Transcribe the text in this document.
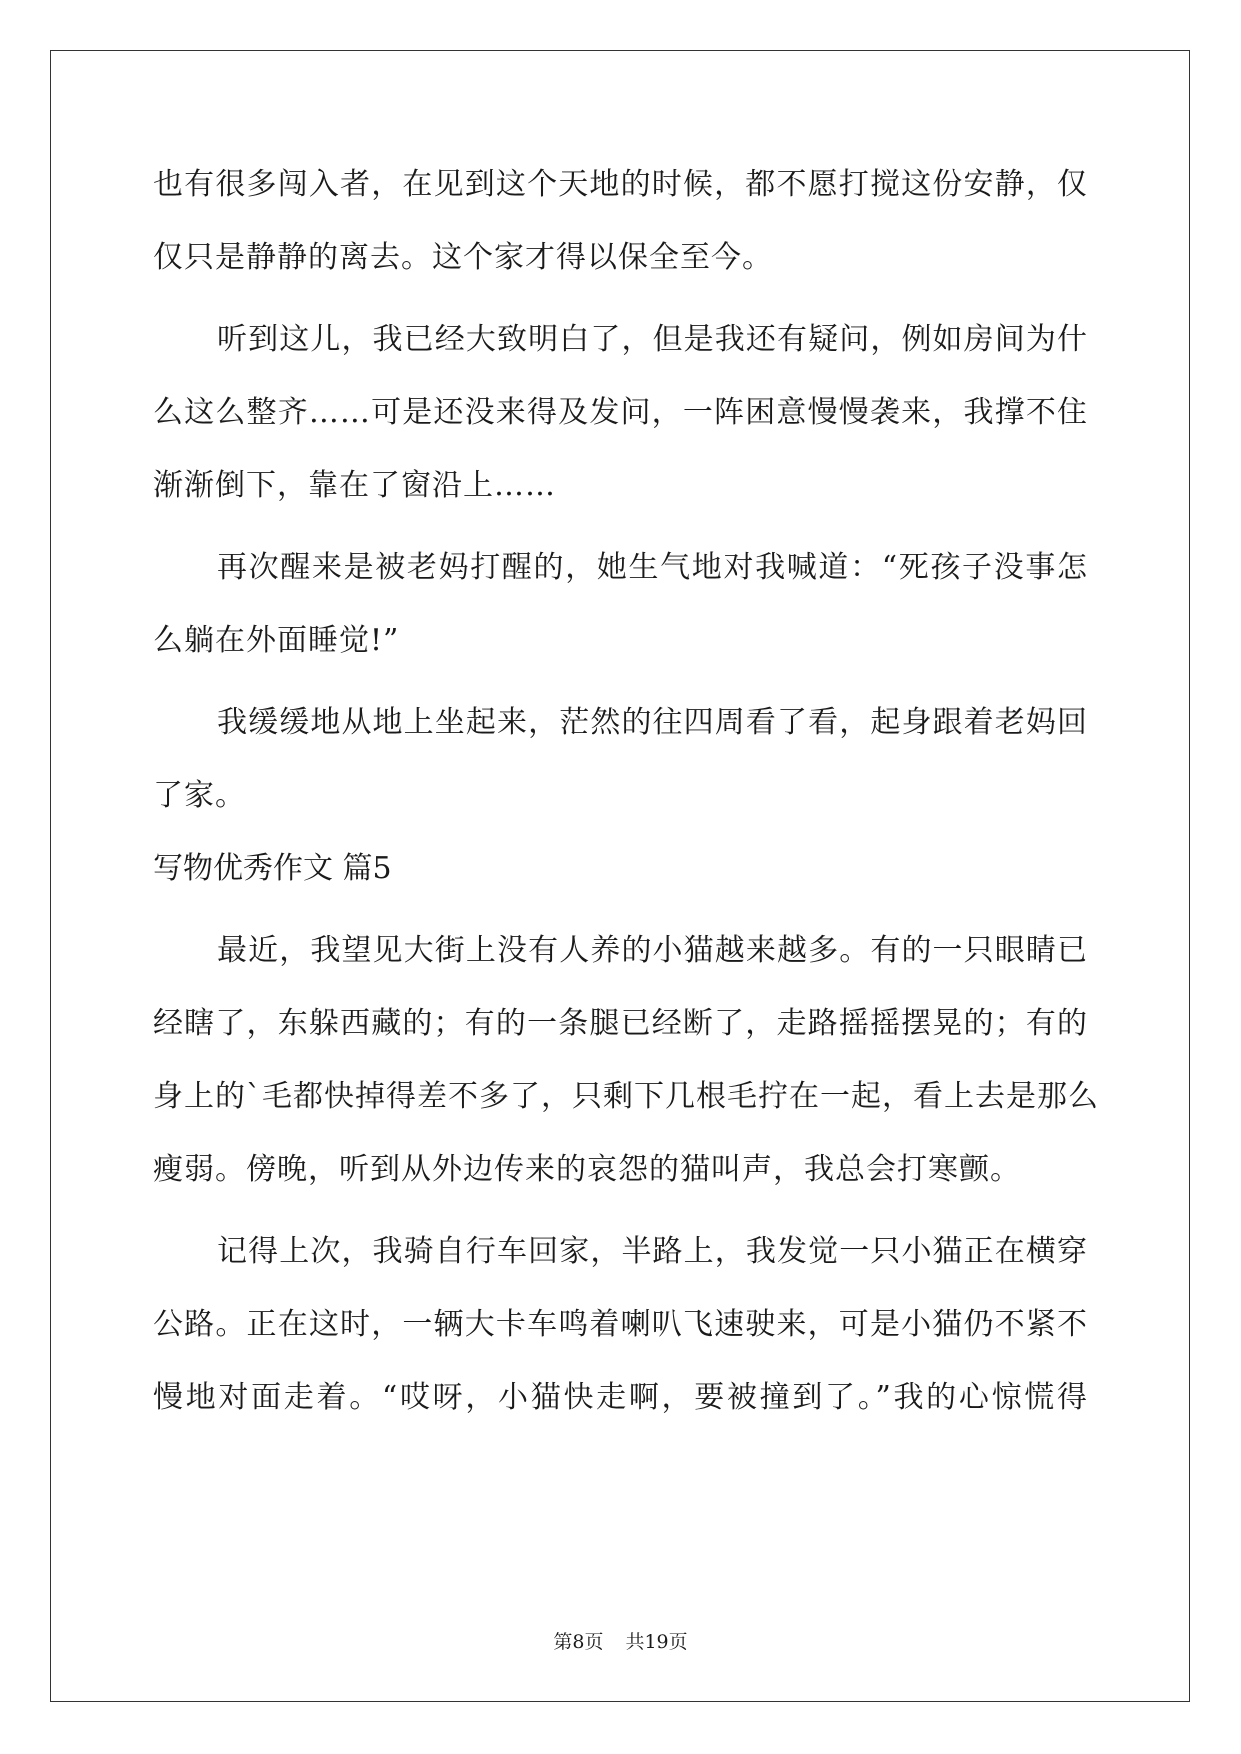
也有很多闯入者，在见到这个天地的时候，都不愿打搅这份安静，仅
仅只是静静的离去。这个家才得以保全至今。
听到这儿，我已经大致明白了，但是我还有疑问，例如房间为什
么这么整齐……可是还没来得及发问，一阵困意慢慢袭来，我撑不住
渐渐倒下，靠在了窗沿上……
再次醒来是被老妈打醒的，她生气地对我喊道：“死孩子没事怎
么躺在外面睡觉!”
我缓缓地从地上坐起来，茫然的往四周看了看，起身跟着老妈回
了家。
写物优秀作文 篇5
最近，我望见大街上没有人养的小猫越来越多。有的一只眼睛已
经瞎了，东躲西藏的；有的一条腿已经断了，走路摇摇摆晃的；有的
身上的`毛都快掉得差不多了，只剩下几根毛拧在一起，看上去是那么
瘦弱。傍晚，听到从外边传来的哀怨的猫叫声，我总会打寒颤。
记得上次，我骑自行车回家，半路上，我发觉一只小猫正在横穿
公路。正在这时，一辆大卡车鸣着喇叭飞速驶来，可是小猫仍不紧不
慢地对面走着。“哎呀，小猫快走啊，要被撞到了。”我的心惊慌得
第8页 共19页
